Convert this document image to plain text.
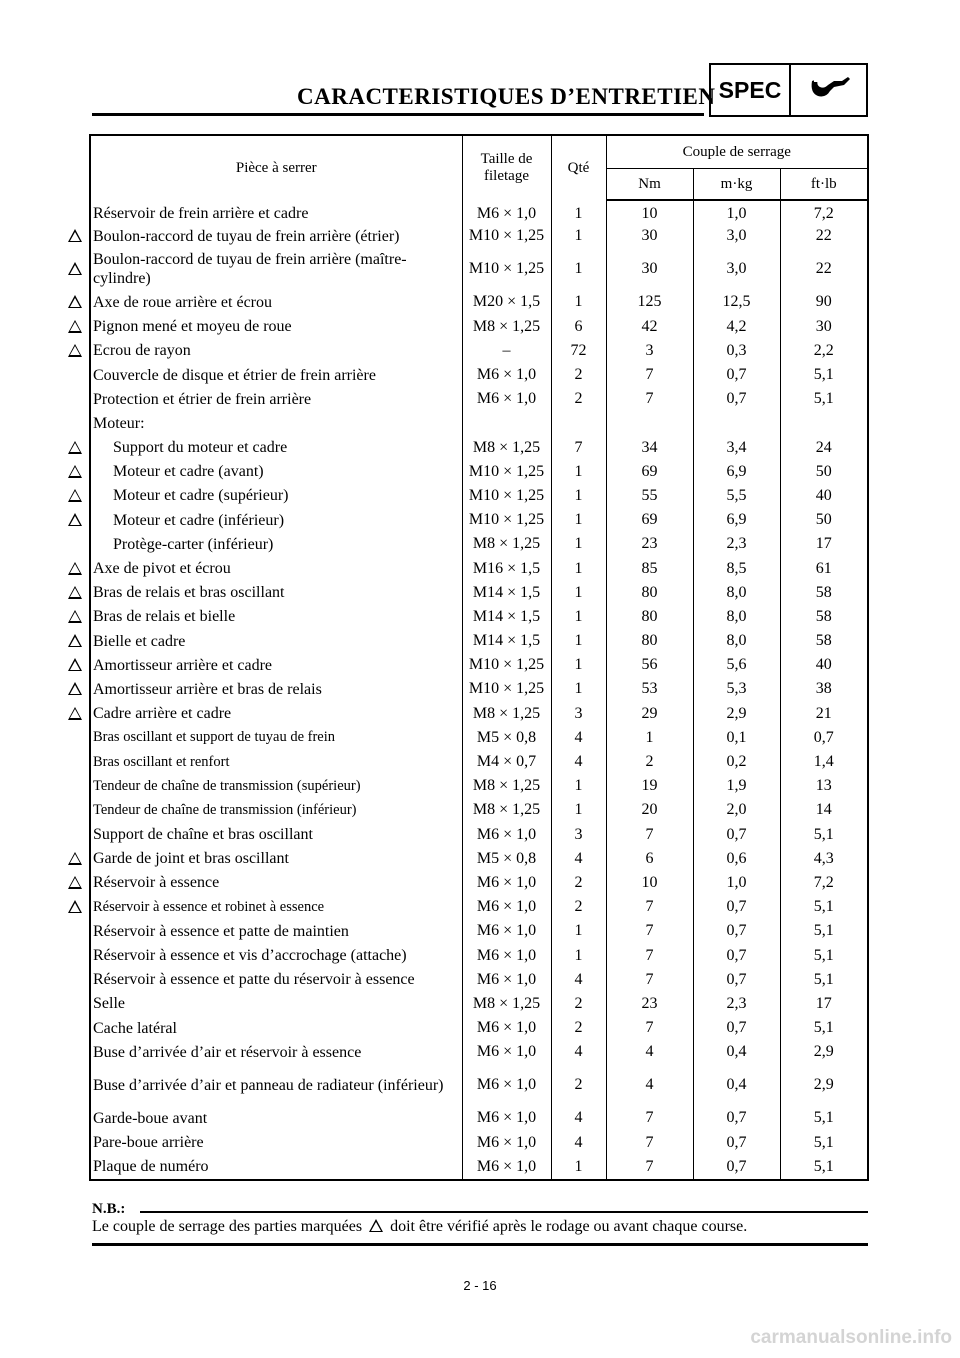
CARACTERISTIQUES D’ENTRETIEN SPEC
Pièce à serrer	Taille de filetage	Qté	Couple de serrage		
			Nm	m·kg	ft·lb
Réservoir de frein arrière et cadre	M6 × 1,0	1	10	1,0	7,2
Boulon-raccord de tuyau de frein arrière (étrier)	M10 × 1,25	1	30	3,0	22
Boulon-raccord de tuyau de frein arrière (maître-cylindre)	M10 × 1,25	1	30	3,0	22
Axe de roue arrière et écrou	M20 × 1,5	1	125	12,5	90
Pignon mené et moyeu de roue	M8 × 1,25	6	42	4,2	30
Ecrou de rayon	–	72	3	0,3	2,2
Couvercle de disque et étrier de frein arrière	M6 × 1,0	2	7	0,7	5,1
Protection et étrier de frein arrière	M6 × 1,0	2	7	0,7	5,1
Moteur:					
Support du moteur et cadre	M8 × 1,25	7	34	3,4	24
Moteur et cadre (avant)	M10 × 1,25	1	69	6,9	50
Moteur et cadre (supérieur)	M10 × 1,25	1	55	5,5	40
Moteur et cadre (inférieur)	M10 × 1,25	1	69	6,9	50
Protège-carter (inférieur)	M8 × 1,25	1	23	2,3	17
Axe de pivot et écrou	M16 × 1,5	1	85	8,5	61
Bras de relais et bras oscillant	M14 × 1,5	1	80	8,0	58
Bras de relais et bielle	M14 × 1,5	1	80	8,0	58
Bielle et cadre	M14 × 1,5	1	80	8,0	58
Amortisseur arrière et cadre	M10 × 1,25	1	56	5,6	40
Amortisseur arrière et bras de relais	M10 × 1,25	1	53	5,3	38
Cadre arrière et cadre	M8 × 1,25	3	29	2,9	21
Bras oscillant et support de tuyau de frein	M5 × 0,8	4	1	0,1	0,7
Bras oscillant et renfort	M4 × 0,7	4	2	0,2	1,4
Tendeur de chaîne de transmission (supérieur)	M8 × 1,25	1	19	1,9	13
Tendeur de chaîne de transmission (inférieur)	M8 × 1,25	1	20	2,0	14
Support de chaîne et bras oscillant	M6 × 1,0	3	7	0,7	5,1
Garde de joint et bras oscillant	M5 × 0,8	4	6	0,6	4,3
Réservoir à essence	M6 × 1,0	2	10	1,0	7,2
Réservoir à essence et robinet à essence	M6 × 1,0	2	7	0,7	5,1
Réservoir à essence et patte de maintien	M6 × 1,0	1	7	0,7	5,1
Réservoir à essence et vis d’accrochage (attache)	M6 × 1,0	1	7	0,7	5,1
Réservoir à essence et patte du réservoir à essence	M6 × 1,0	4	7	0,7	5,1
Selle	M8 × 1,25	2	23	2,3	17
Cache latéral	M6 × 1,0	2	7	0,7	5,1
Buse d’arrivée d’air et réservoir à essence	M6 × 1,0	4	4	0,4	2,9
Buse d’arrivée d’air et panneau de radiateur (inférieur)	M6 × 1,0	2	4	0,4	2,9
Garde-boue avant	M6 × 1,0	4	7	0,7	5,1
Pare-boue arrière	M6 × 1,0	4	7	0,7	5,1
Plaque de numéro	M6 × 1,0	1	7	0,7	5,1
N.B.:
Le couple de serrage des parties marquées doit être vérifié après le rodage ou avant chaque course.
2 - 16
carmanualsonline.info
